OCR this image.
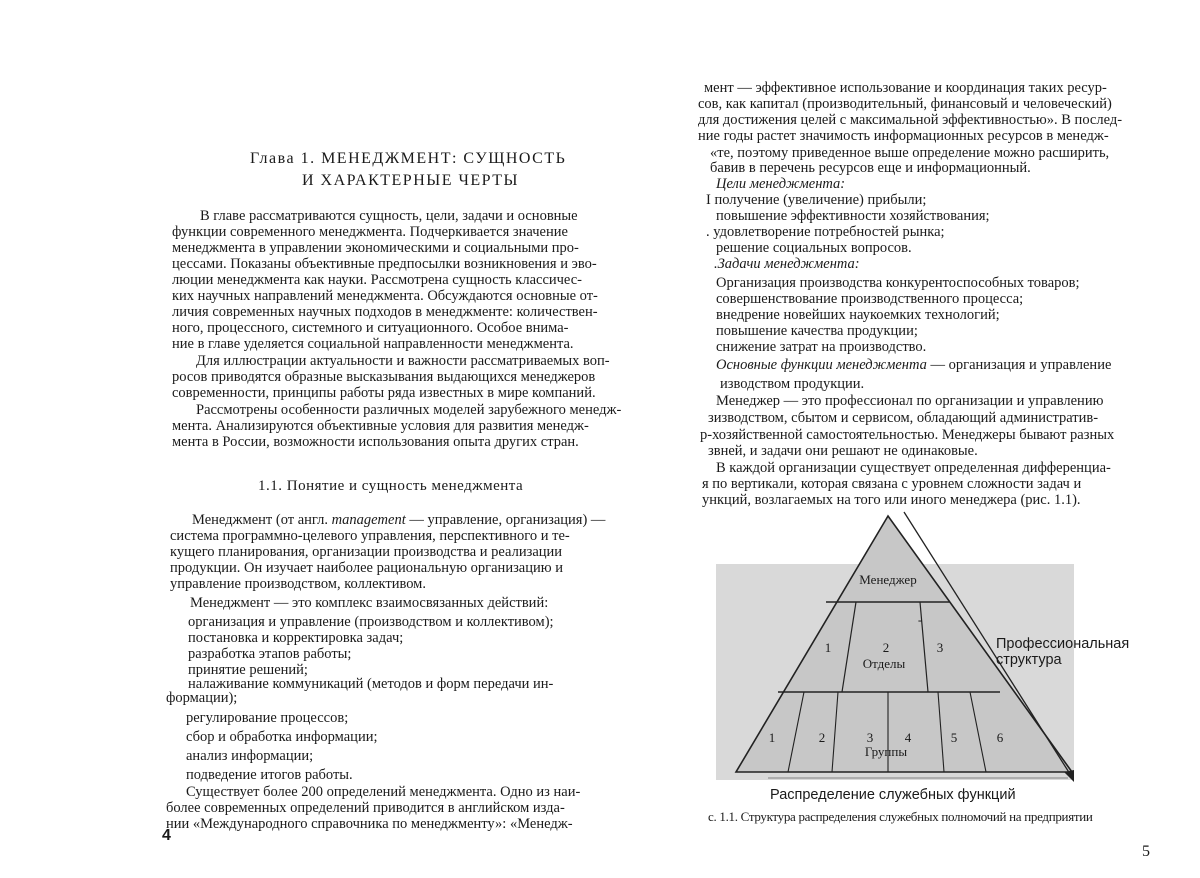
Глава 1. МЕНЕДЖМЕНТ: СУЩНОСТЬ
И ХАРАКТЕРНЫЕ ЧЕРТЫ
В главе рассматриваются сущность, цели, задачи и основные
функции современного менеджмента. Подчеркивается значение
менеджмента в управлении экономическими и социальными про-
цессами. Показаны объективные предпосылки возникновения и эво-
люции менеджмента как науки. Рассмотрена сущность классичес-
ких научных направлений менеджмента. Обсуждаются основные от-
личия современных научных подходов в менеджменте: количествен-
ного, процессного, системного и ситуационного. Особое внима-
ние в главе уделяется социальной направленности менеджмента.
Для иллюстрации актуальности и важности рассматриваемых воп-
росов приводятся образные высказывания выдающихся менеджеров
современности, принципы работы ряда известных в мире компаний.
Рассмотрены особенности различных моделей зарубежного менедж-
мента. Анализируются объективные условия для развития менедж-
мента в России, возможности использования опыта других стран.
1.1. Понятие и сущность менеджмента
Менеджмент (от англ. management — управление, организация) —
система программно-целевого управления, перспективного и те-
кущего планирования, организации производства и реализации
продукции. Он изучает наиболее рациональную организацию и
управление производством, коллективом.
Менеджмент — это комплекс взаимосвязанных действий:
организация и управление (производством и коллективом);
постановка и корректировка задач;
разработка этапов работы;
принятие решений;
налаживание коммуникаций (методов и форм передачи ин-
формации);
регулирование процессов;
сбор и обработка информации;
анализ информации;
подведение итогов работы.
Существует более 200 определений менеджмента. Одно из наи-
более современных определений приводится в английском изда-
нии «Международного справочника по менеджменту»: «Менедж-
4
мент — эффективное использование и координация таких ресур-
сов, как капитал (производительный, финансовый и человеческий)
для достижения целей с максимальной эффективностью». В послед-
ние годы растет значимость информационных ресурсов в менедж-
«те, поэтому приведенное выше определение можно расширить,
бавив в перечень ресурсов еще и информационный.
Цели менеджмента:
I получение (увеличение) прибыли;
повышение эффективности хозяйствования;
. удовлетворение потребностей рынка;
решение социальных вопросов.
.Задачи менеджмента:
Организация производства конкурентоспособных товаров;
совершенствование производственного процесса;
внедрение новейших наукоемких технологий;
повышение качества продукции;
снижение затрат на производство.
Основные функции менеджмента — организация и управление
изводством продукции.
Менеджер — это профессионал по организации и управлению
зизводством, сбытом и сервисом, обладающий административ-
р-хозяйственной самостоятельностью. Менеджеры бывают разных
звней, и задачи они решают не одинаковые.
В каждой организации существует определенная дифференциа-
я по вертикали, которая связана с уровнем сложности задач и
ункций, возлагаемых на того или иного менеджера (рис. 1.1).
Менеджер
Отделы
Группы
1	2
-
3
1	2	3 4	5	6
Профессиональная
структура
Распределение служебных функций
с. 1.1. Структура распределения служебных полномочий на предприятии
5
